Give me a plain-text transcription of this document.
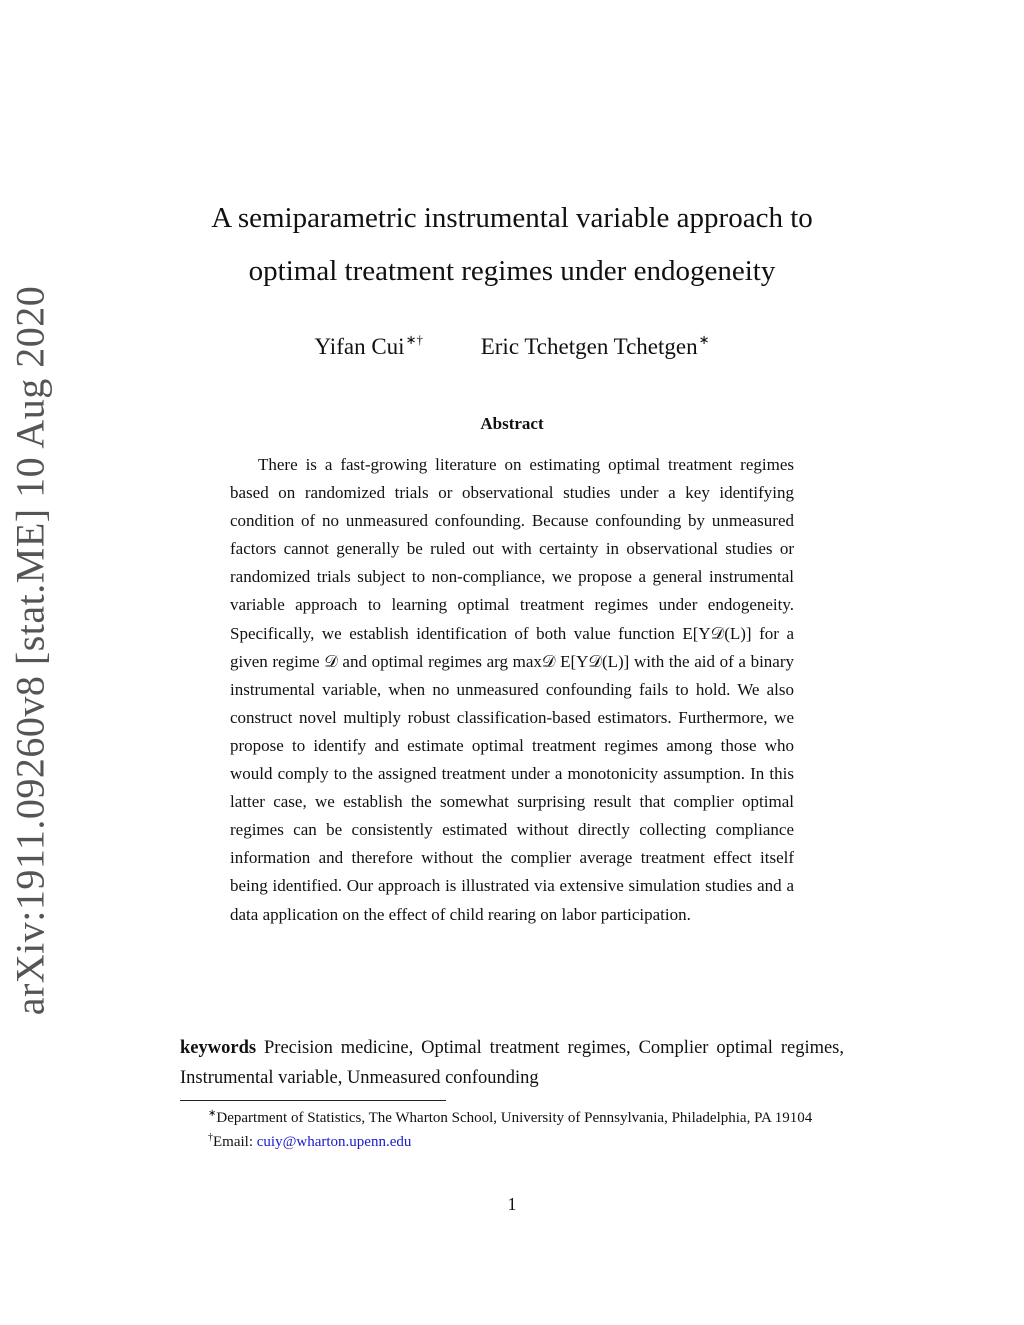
arXiv:1911.09260v8 [stat.ME] 10 Aug 2020
A semiparametric instrumental variable approach to
optimal treatment regimes under endogeneity
Yifan Cui∗†	Eric Tchetgen Tchetgen∗
Abstract
There is a fast-growing literature on estimating optimal treatment regimes based on randomized trials or observational studies under a key identifying condition of no unmeasured confounding. Because confounding by unmeasured factors cannot generally be ruled out with certainty in observational studies or randomized trials subject to non-compliance, we propose a general instrumental variable approach to learning optimal treatment regimes under endogeneity. Specifically, we establish identification of both value function E[Y𝒟(L)] for a given regime 𝒟 and optimal regimes arg max𝒟 E[Y𝒟(L)] with the aid of a binary instrumental variable, when no unmeasured confounding fails to hold. We also construct novel multiply robust classification-based estimators. Furthermore, we propose to identify and estimate optimal treatment regimes among those who would comply to the assigned treatment under a monotonicity assumption. In this latter case, we establish the somewhat surprising result that complier optimal regimes can be consistently estimated without directly collecting compliance information and therefore without the complier average treatment effect itself being identified. Our approach is illustrated via extensive simulation studies and a data application on the effect of child rearing on labor participation.
keywords Precision medicine, Optimal treatment regimes, Complier optimal regimes, Instrumental variable, Unmeasured confounding
∗Department of Statistics, The Wharton School, University of Pennsylvania, Philadelphia, PA 19104
†Email: cuiy@wharton.upenn.edu
1
